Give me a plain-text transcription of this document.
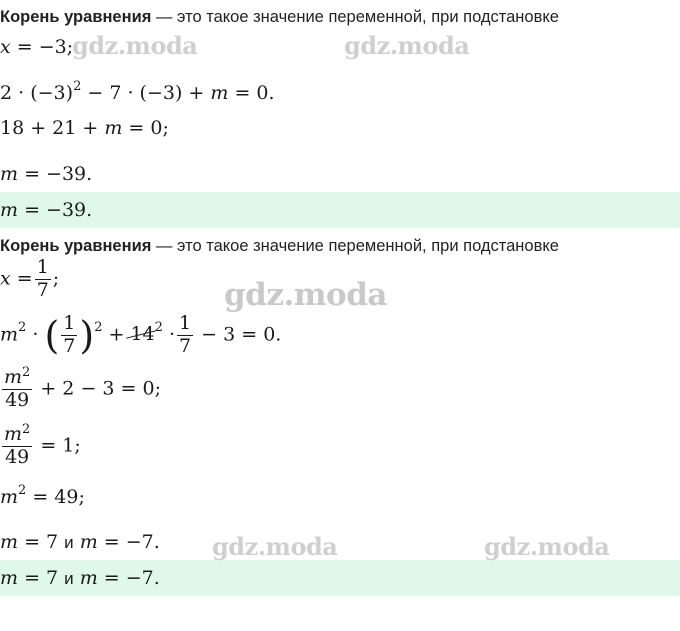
gdz.moda	gdz.moda
gdz.moda
gdz.moda	gdz.moda
Корень уравнения — это такое значение переменной, при подстановке
x = −3;
$2 \cdot (-3)^2 - 7 \cdot (-3) + m = 0$.
18 + 21 + m = 0;
m = −39.
m = −39.
Корень уравнения — это такое значение переменной, при подстановке
$x = \frac{1}{7}$ ;
$m^2$ · ( $\frac{1}{7} )^2 + 14^2 \cdot \frac{1}{7} - 3 = 0$.
$\frac{m^2}{49} + 2 - 3 = 0$;
$\frac{m^2}{49} = 1$;
$m^2 = 49$;
m = 7 и m = −7.
m = 7 и m = −7.
